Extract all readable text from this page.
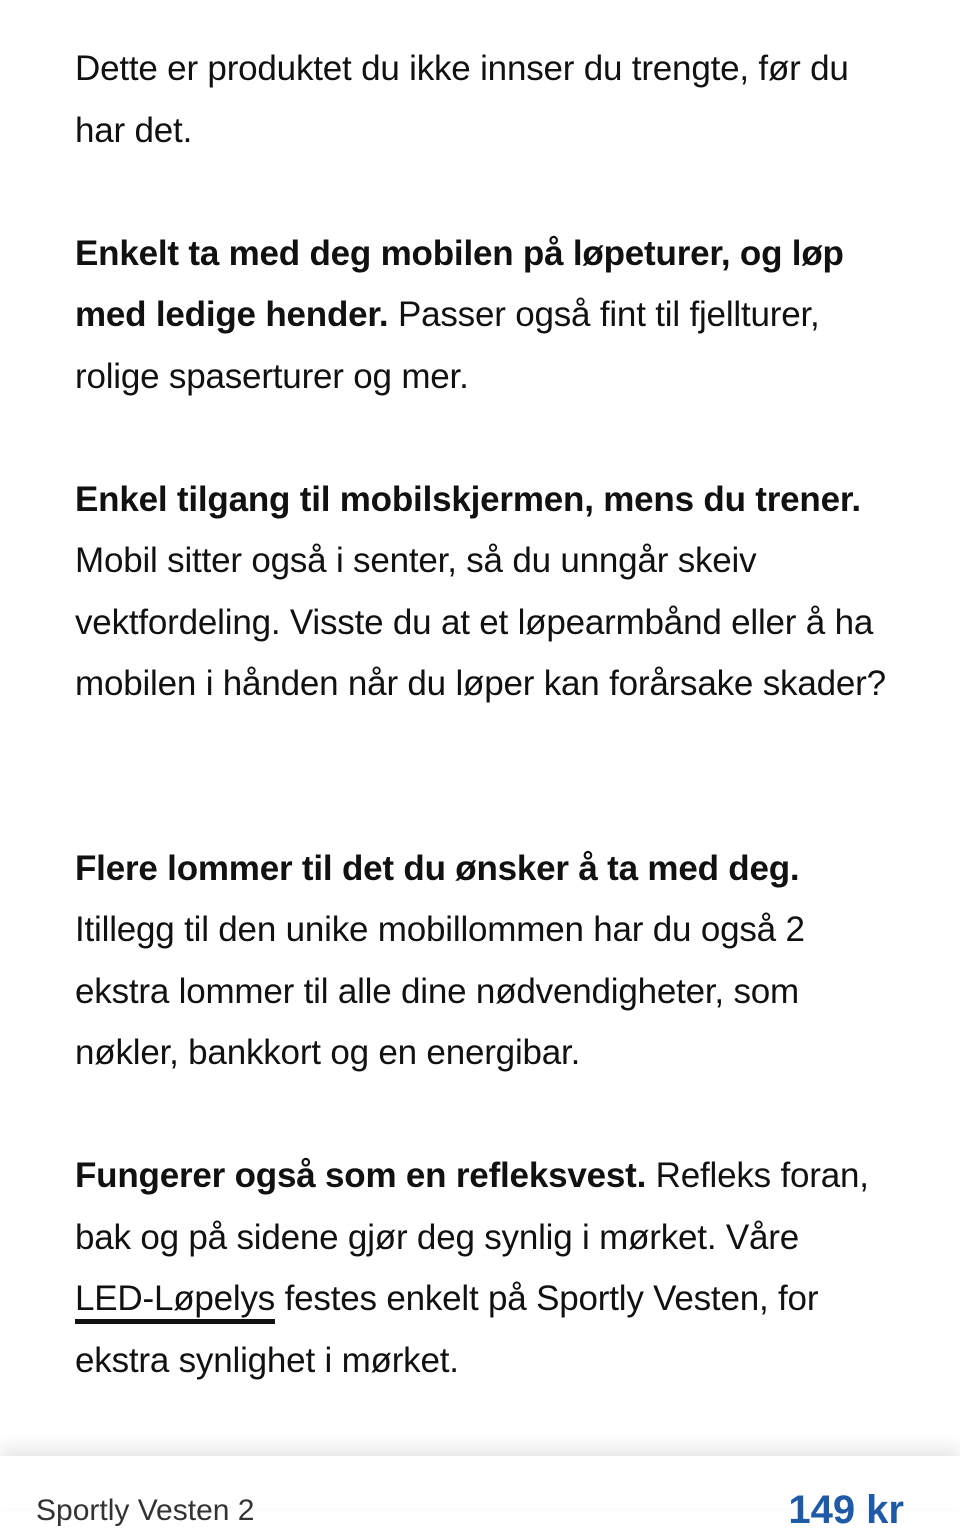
Dette er produktet du ikke innser du trengte, før du har det.

Enkelt ta med deg mobilen på løpeturer, og løp med ledige hender. Passer også fint til fjellturer, rolige spaserturer og mer.

Enkel tilgang til mobilskjermen, mens du trener. Mobil sitter også i senter, så du unngår skeiv vektfordeling. Visste du at et løpearmbånd eller å ha mobilen i hånden når du løper kan forårsake skader?

Flere lommer til det du ønsker å ta med deg. Itillegg til den unike mobillommen har du også 2 ekstra lommer til alle dine nødvendigheter, som nøkler, bankkort og en energibar.

Fungerer også som en refleksvest. Refleks foran, bak og på sidene gjør deg synlig i mørket. Våre LED-Løpelys festes enkelt på Sportly Vesten, for ekstra synlighet i mørket.

Sportly Vesten 2	149 kr
